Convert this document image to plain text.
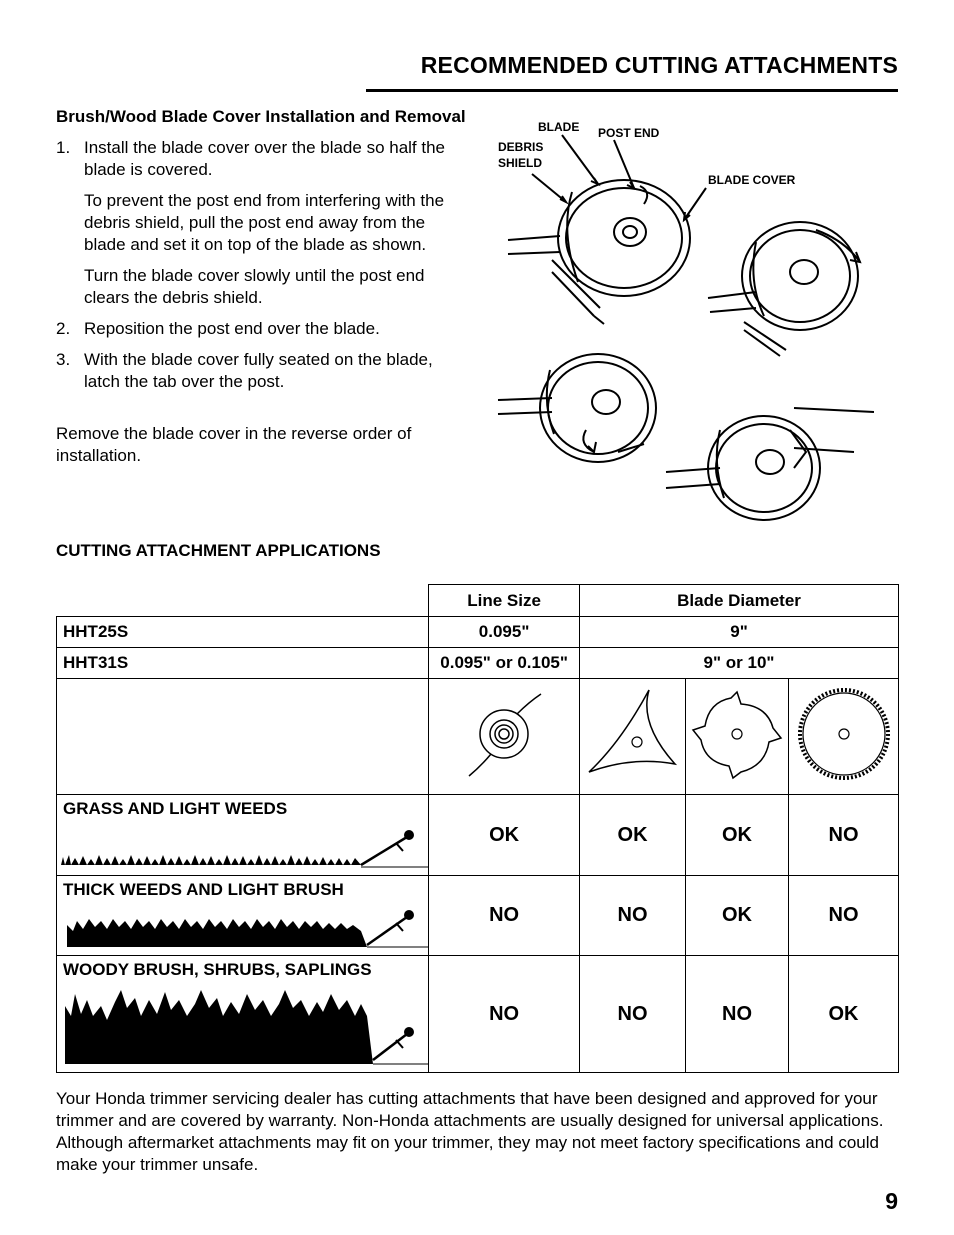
RECOMMENDED CUTTING ATTACHMENTS
Brush/Wood Blade Cover Installation and Removal
1. Install the blade cover over the blade so half the blade is covered.
To prevent the post end from interfering with the debris shield, pull the post end away from the blade and set it on top of the blade as shown.
Turn the blade cover slowly until the post end clears the debris shield.
2. Reposition the post end over the blade.
3. With the blade cover fully seated on the blade, latch the tab over the post.
Remove the blade cover in the reverse order of installation.
BLADE POST END
DEBRIS
SHIELD
BLADE COVER
CUTTING ATTACHMENT APPLICATIONS
	Line Size	Blade Diameter		
HHT25S	0.095"	9"		
HHT31S	0.095" or 0.105"	9" or 10"		

GRASS AND LIGHT WEEDS	OK	OK	OK	NO

THICK WEEDS AND LIGHT BRUSH	NO	NO	OK	NO

WOODY BRUSH, SHRUBS, SAPLINGS	NO	NO	NO	OK
Your Honda trimmer servicing dealer has cutting attachments that have been designed and approved for your trimmer and are covered by warranty. Non-Honda attachments are usually designed for universal applications. Although aftermarket attachments may fit on your trimmer, they may not meet factory specifications and could make your trimmer unsafe.
9
